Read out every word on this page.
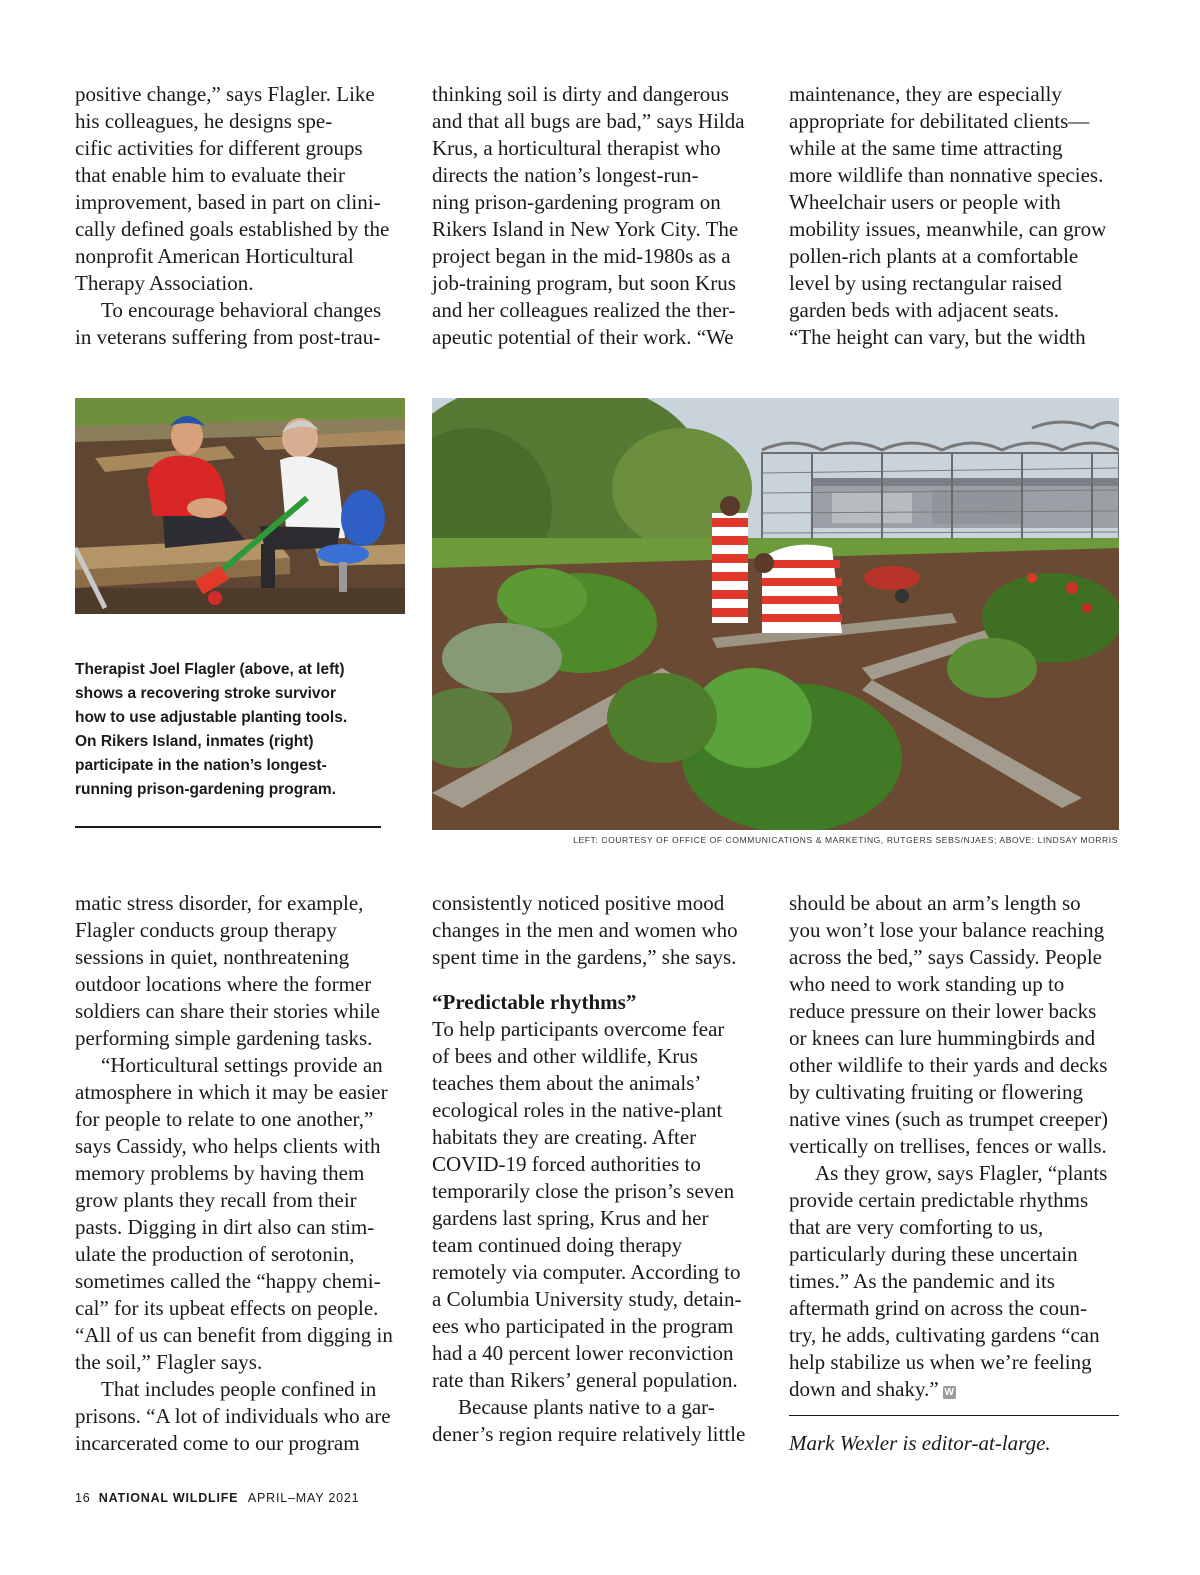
positive change,” says Flagler. Like

his colleagues, he designs spe-

cific activities for different groups

that enable him to evaluate their

improvement, based in part on clini-

cally defined goals established by the

nonprofit American Horticultural

Therapy Association.

To encourage behavioral changes

in veterans suffering from post-trau-

thinking soil is dirty and dangerous

and that all bugs are bad,” says Hilda

Krus, a horticultural therapist who

directs the nation’s longest-run-

ning prison-gardening program on

Rikers Island in New York City. The

project began in the mid-1980s as a

job-training program, but soon Krus

and her colleagues realized the ther-

apeutic potential of their work. “We

maintenance, they are especially

appropriate for debilitated clients—

while at the same time attracting

more wildlife than nonnative species.

Wheelchair users or people with

mobility issues, meanwhile, can grow

pollen-rich plants at a comfortable

level by using rectangular raised

garden beds with adjacent seats.

“The height can vary, but the width

Therapist Joel Flagler (above, at left)

shows a recovering stroke survivor

how to use adjustable planting tools.

On Rikers Island, inmates (right)

participate in the nation’s longest-

running prison-gardening program.

LEFT: COURTESY OF OFFICE OF COMMUNICATIONS & MARKETING, RUTGERS SEBS/NJAES; ABOVE: LINDSAY MORRIS

matic stress disorder, for example,

Flagler conducts group therapy

sessions in quiet, nonthreatening

outdoor locations where the former

soldiers can share their stories while

performing simple gardening tasks.

“Horticultural settings provide an

atmosphere in which it may be easier

for people to relate to one another,”

says Cassidy, who helps clients with

memory problems by having them

grow plants they recall from their

pasts. Digging in dirt also can stim-

ulate the production of serotonin,

sometimes called the “happy chemi-

cal” for its upbeat effects on people.

“All of us can benefit from digging in

the soil,” Flagler says.

That includes people confined in

prisons. “A lot of individuals who are

incarcerated come to our program

consistently noticed positive mood

changes in the men and women who

spent time in the gardens,” she says.

“Predictable rhythms”

To help participants overcome fear

of bees and other wildlife, Krus

teaches them about the animals’

ecological roles in the native-plant

habitats they are creating. After

COVID-19 forced authorities to

temporarily close the prison’s seven

gardens last spring, Krus and her

team continued doing therapy

remotely via computer. According to

a Columbia University study, detain-

ees who participated in the program

had a 40 percent lower reconviction

rate than Rikers’ general population.

Because plants native to a gar-

dener’s region require relatively little

should be about an arm’s length so

you won’t lose your balance reaching

across the bed,” says Cassidy. People

who need to work standing up to

reduce pressure on their lower backs

or knees can lure hummingbirds and

other wildlife to their yards and decks

by cultivating fruiting or flowering

native vines (such as trumpet creeper)

vertically on trellises, fences or walls.

As they grow, says Flagler, “plants

provide certain predictable rhythms

that are very comforting to us,

particularly during these uncertain

times.” As the pandemic and its

aftermath grind on across the coun-

try, he adds, cultivating gardens “can

help stabilize us when we’re feeling

down and shaky.” W

Mark Wexler is editor-at-large.
16 NATIONAL WILDLIFE APRIL–MAY 2021
